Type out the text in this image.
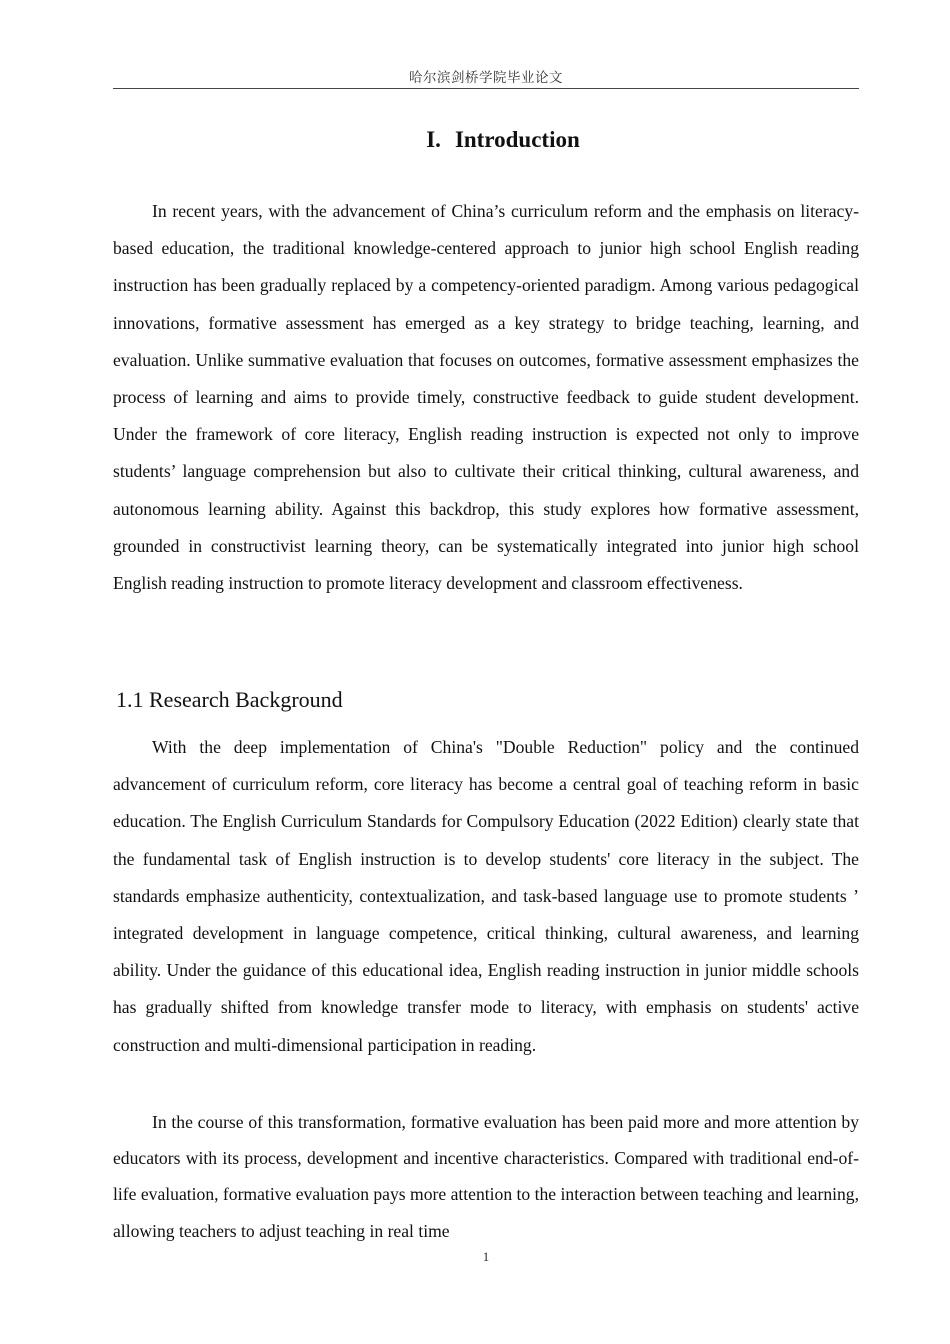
哈尔滨剑桥学院毕业论文
I. Introduction

In recent years, with the advancement of China’s curriculum reform and the emphasis on literacy-based education, the traditional knowledge-centered approach to junior high school English reading instruction has been gradually replaced by a competency-oriented paradigm. Among various pedagogical innovations, formative assessment has emerged as a key strategy to bridge teaching, learning, and evaluation. Unlike summative evaluation that focuses on outcomes, formative assessment emphasizes the process of learning and aims to provide timely, constructive feedback to guide student development. Under the framework of core literacy, English reading instruction is expected not only to improve students’ language comprehension but also to cultivate their critical thinking, cultural awareness, and autonomous learning ability. Against this backdrop, this study explores how formative assessment, grounded in constructivist learning theory, can be systematically integrated into junior high school English reading instruction to promote literacy development and classroom effectiveness.

1.1 Research Background

With the deep implementation of China's "Double Reduction" policy and the continued advancement of curriculum reform, core literacy has become a central goal of teaching reform in basic education. The English Curriculum Standards for Compulsory Education (2022 Edition) clearly state that the fundamental task of English instruction is to develop students' core literacy in the subject. The standards emphasize authenticity, contextualization, and task-based language use to promote students ’ integrated development in language competence, critical thinking, cultural awareness, and learning ability. Under the guidance of this educational idea, English reading instruction in junior middle schools has gradually shifted from knowledge transfer mode to literacy, with emphasis on students' active construction and multi-dimensional participation in reading.

In the course of this transformation, formative evaluation has been paid more and more attention by educators with its process, development and incentive characteristics. Compared with traditional end-of-life evaluation, formative evaluation pays more attention to the interaction between teaching and learning, allowing teachers to adjust teaching in real time

1
